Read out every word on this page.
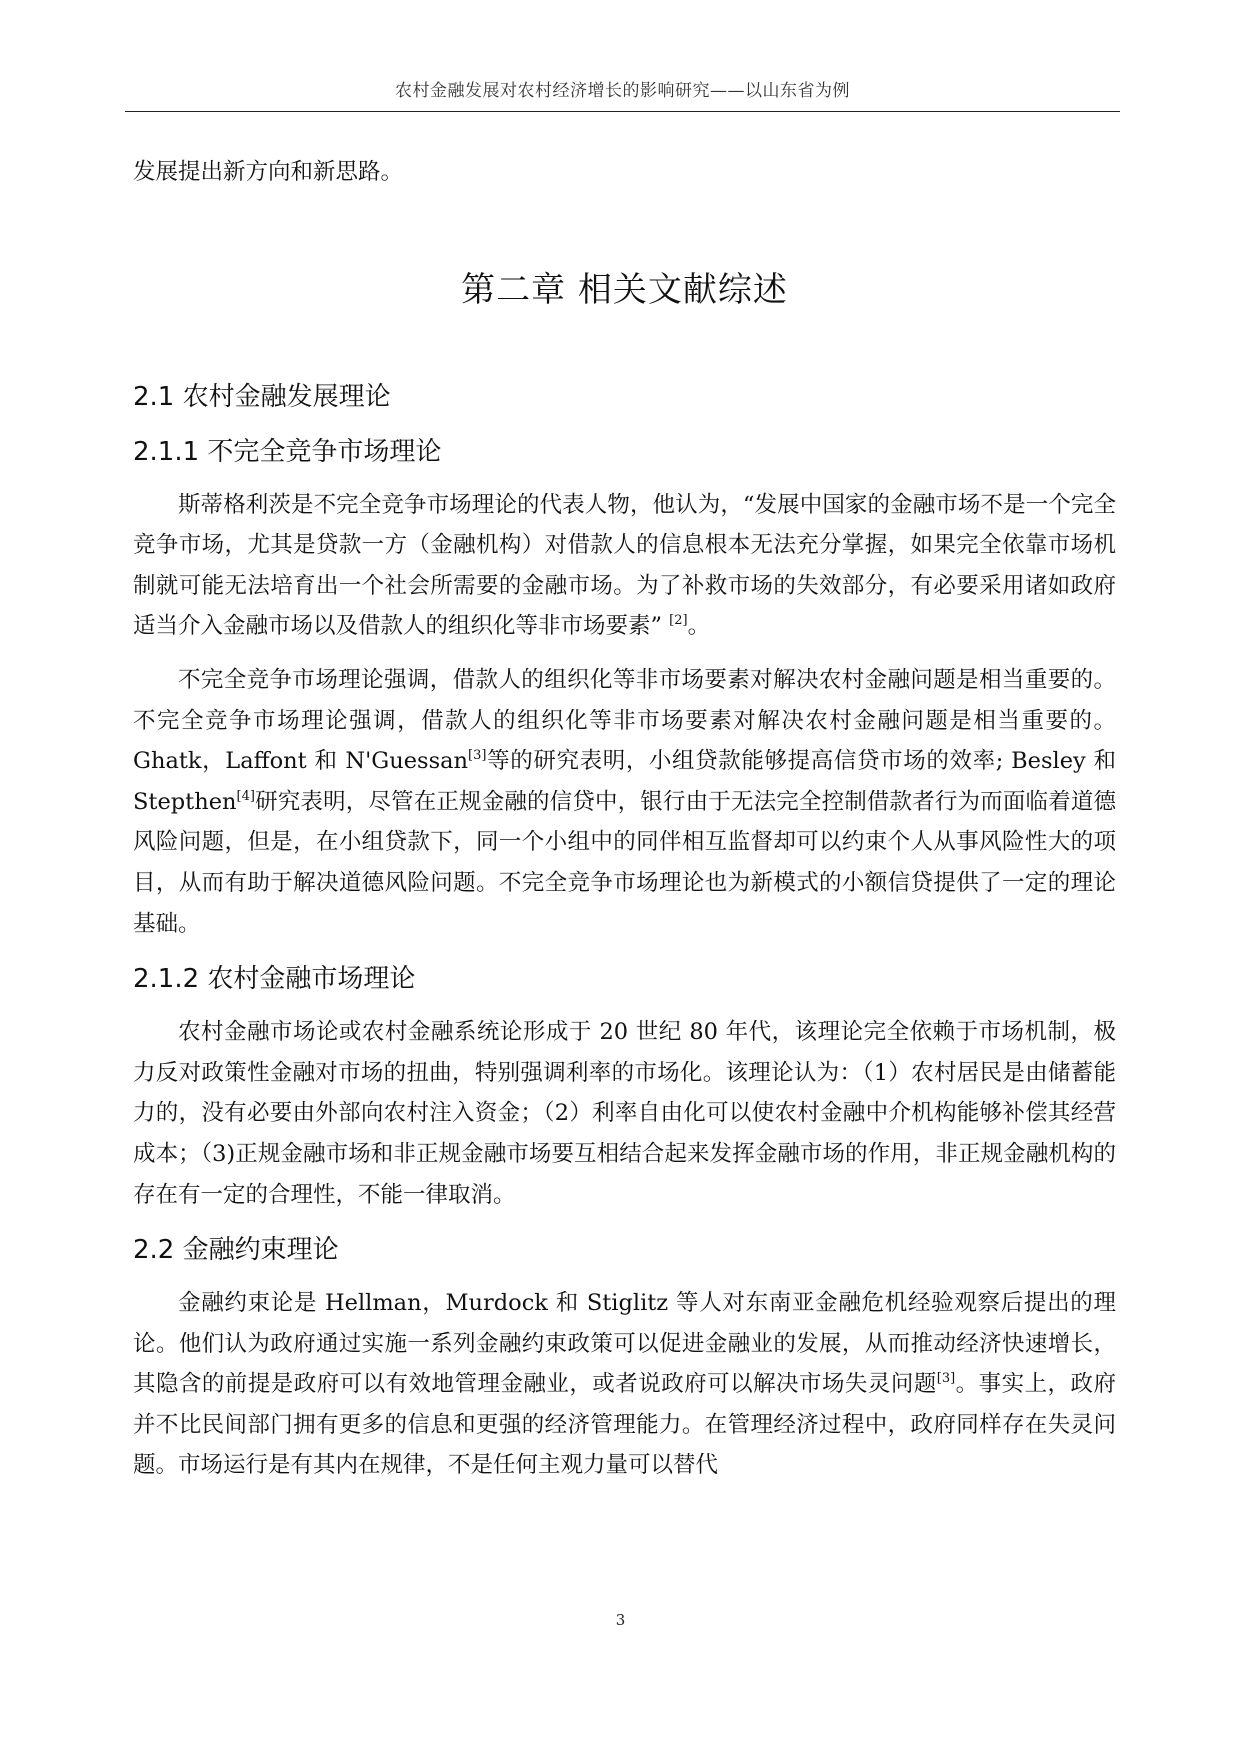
农村金融发展对农村经济增长的影响研究——以山东省为例

发展提出新方向和新思路。

第二章 相关文献综述
2.1 农村金融发展理论
2.1.1 不完全竞争市场理论

斯蒂格利茨是不完全竞争市场理论的代表人物，他认为，“发展中国家的金融市场不是一个完全竞争市场，尤其是贷款一方（金融机构）对借款人的信息根本无法充分掌握，如果完全依靠市场机制就可能无法培育出一个社会所需要的金融市场。为了补救市场的失效部分，有必要采用诸如政府适当介入金融市场以及借款人的组织化等非市场要素” [2]。

不完全竞争市场理论强调，借款人的组织化等非市场要素对解决农村金融问题是相当重要的。不完全竞争市场理论强调，借款人的组织化等非市场要素对解决农村金融问题是相当重要的。Ghatk，Laffont 和 N'Guessan[3]等的研究表明，小组贷款能够提高信贷市场的效率; Besley 和 Stepthen[4]研究表明，尽管在正规金融的信贷中，银行由于无法完全控制借款者行为而面临着道德风险问题，但是，在小组贷款下，同一个小组中的同伴相互监督却可以约束个人从事风险性大的项目，从而有助于解决道德风险问题。不完全竞争市场理论也为新模式的小额信贷提供了一定的理论基础。

2.1.2 农村金融市场理论

农村金融市场论或农村金融系统论形成于 20 世纪 80 年代，该理论完全依赖于市场机制，极力反对政策性金融对市场的扭曲，特别强调利率的市场化。该理论认为：（1）农村居民是由储蓄能力的，没有必要由外部向农村注入资金；（2）利率自由化可以使农村金融中介机构能够补偿其经营成本；（3)正规金融市场和非正规金融市场要互相结合起来发挥金融市场的作用，非正规金融机构的存在有一定的合理性，不能一律取消。

2.2 金融约束理论

金融约束论是 Hellman，Murdock 和 Stiglitz 等人对东南亚金融危机经验观察后提出的理论。他们认为政府通过实施一系列金融约束政策可以促进金融业的发展，从而推动经济快速增长，其隐含的前提是政府可以有效地管理金融业，或者说政府可以解决市场失灵问题[3]。事实上，政府并不比民间部门拥有更多的信息和更强的经济管理能力。在管理经济过程中，政府同样存在失灵问题。市场运行是有其内在规律，不是任何主观力量可以替代

3
